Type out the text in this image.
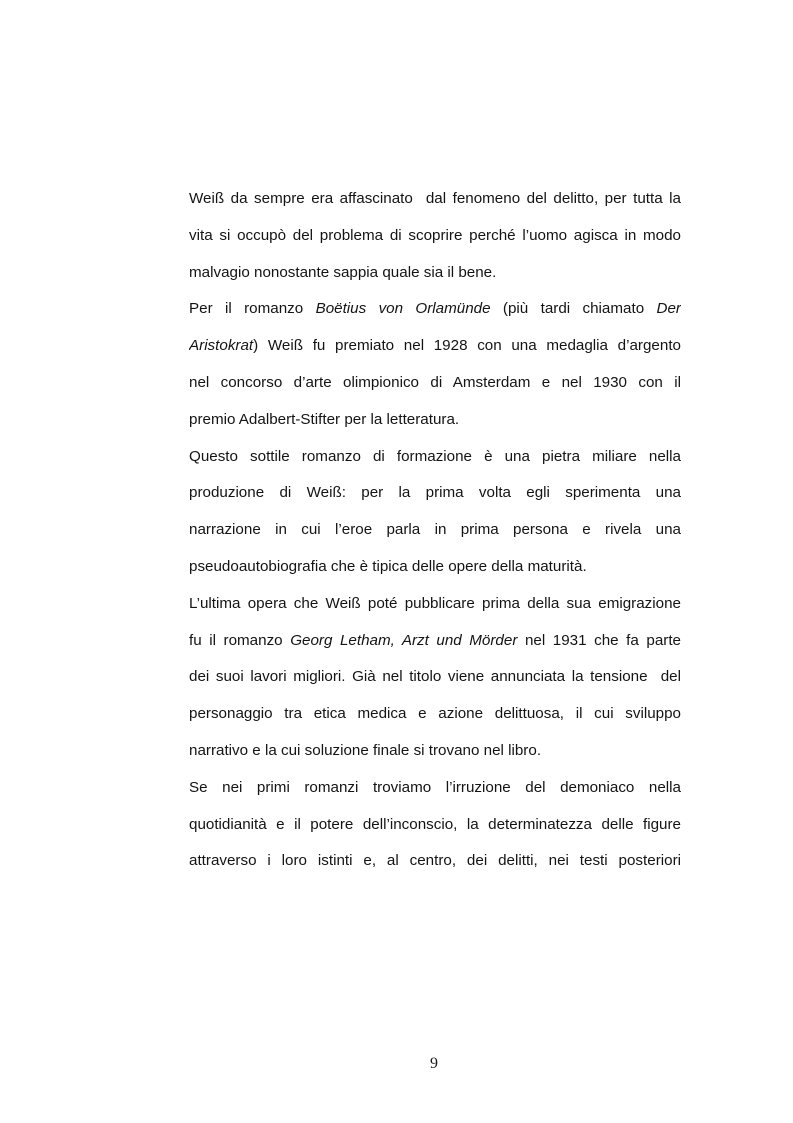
Weiß da sempre era affascinato  dal fenomeno del delitto, per tutta la
vita si occupò del problema di scoprire perché l’uomo agisca in modo
malvagio nonostante sappia quale sia il bene.
Per il romanzo Boëtius von Orlamünde (più tardi chiamato Der
Aristokrat) Weiß fu premiato nel 1928 con una medaglia d’argento
nel concorso d’arte olimpionico di Amsterdam e nel 1930 con il
premio Adalbert-Stifter per la letteratura.
Questo sottile romanzo di formazione è una pietra miliare nella
produzione di Weiß: per la prima volta egli sperimenta una
narrazione in cui l’eroe parla in prima persona e rivela una
pseudoautobiografia che è tipica delle opere della maturità.
L’ultima opera che Weiß poté pubblicare prima della sua emigrazione
fu il romanzo Georg Letham, Arzt und Mörder nel 1931 che fa parte
dei suoi lavori migliori. Già nel titolo viene annunciata la tensione  del
personaggio tra etica medica e azione delittuosa, il cui sviluppo
narrativo e la cui soluzione finale si trovano nel libro.
Se nei primi romanzi troviamo l’irruzione del demoniaco nella
quotidianità e il potere dell’inconscio, la determinatezza delle figure
attraverso i loro istinti e, al centro, dei delitti, nei testi posteriori
9
